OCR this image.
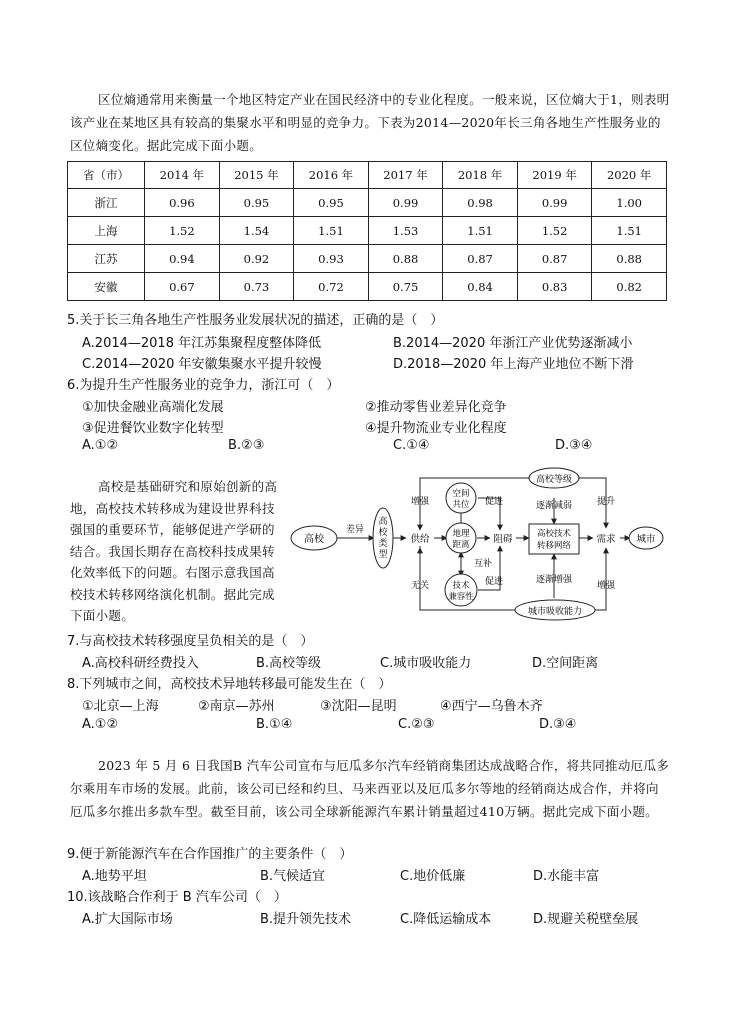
区位熵通常用来衡量一个地区特定产业在国民经济中的专业化程度。一般来说，区位熵大于1，则表明该产业在某地区具有较高的集聚水平和明显的竞争力。下表为2014—2020年长三角各地生产性服务业的区位熵变化。据此完成下面小题。
省（市）	2014 年	2015 年	2016 年	2017 年	2018 年	2019 年	2020 年
浙江	0.96	0.95	0.95	0.99	0.98	0.99	1.00
上海	1.52	1.54	1.51	1.53	1.51	1.52	1.51
江苏	0.94	0.92	0.93	0.88	0.87	0.87	0.88
安徽	0.67	0.73	0.72	0.75	0.84	0.83	0.82
5.关于长三角各地生产性服务业发展状况的描述，正确的是（　）
A.2014—2018 年江苏集聚程度整体降低	B.2014—2020 年浙江产业优势逐渐减小
C.2014—2020 年安徽集聚水平提升较慢	D.2018—2020 年上海产业地位不断下滑
6.为提升生产性服务业的竞争力，浙江可（　）
①加快金融业高端化发展	②推动零售业差异化竞争
③促进餐饮业数字化转型	④提升物流业专业化程度
A.①②	B.②③	C.①④	D.③④
高校是基础研究和原始创新的高地，高校技术转移成为建设世界科技强国的重要环节，能够促进产学研的结合。我国长期存在高校科技成果转化效率低下的问题。右图示意我国高校技术转移网络演化机制。据此完成下面小题。
高校
差异
高
校
类
型
供给
空间
共位
地理
距离
技术
兼容性
增强
无关
互补
促进
促进
阻碍
高校等级
逐渐减弱
高校技术
转移网络
逐渐增强
城市吸收能力
提升
需求
增强
城市
7.与高校技术转移强度呈负相关的是（　）
A.高校科研经费投入	B.高校等级	C.城市吸收能力	D.空间距离
8.下列城市之间，高校技术异地转移最可能发生在（　）
①北京—上海	②南京—苏州	③沈阳—昆明	④西宁—乌鲁木齐
A.①②	B.①④	C.②③	D.③④
2023 年 5 月 6 日我国B 汽车公司宣布与厄瓜多尔汽车经销商集团达成战略合作，将共同推动厄瓜多尔乘用车市场的发展。此前，该公司已经和约旦、马来西亚以及厄瓜多尔等地的经销商达成合作，并将向厄瓜多尔推出多款车型。截至目前，该公司全球新能源汽车累计销量超过410万辆。据此完成下面小题。
9.便于新能源汽车在合作国推广的主要条件（　）
A.地势平坦	B.气候适宜	C.地价低廉	D.水能丰富
10.该战略合作利于 B 汽车公司（　）
A.扩大国际市场	B.提升领先技术	C.降低运输成本	D.规避关税壁垒展
